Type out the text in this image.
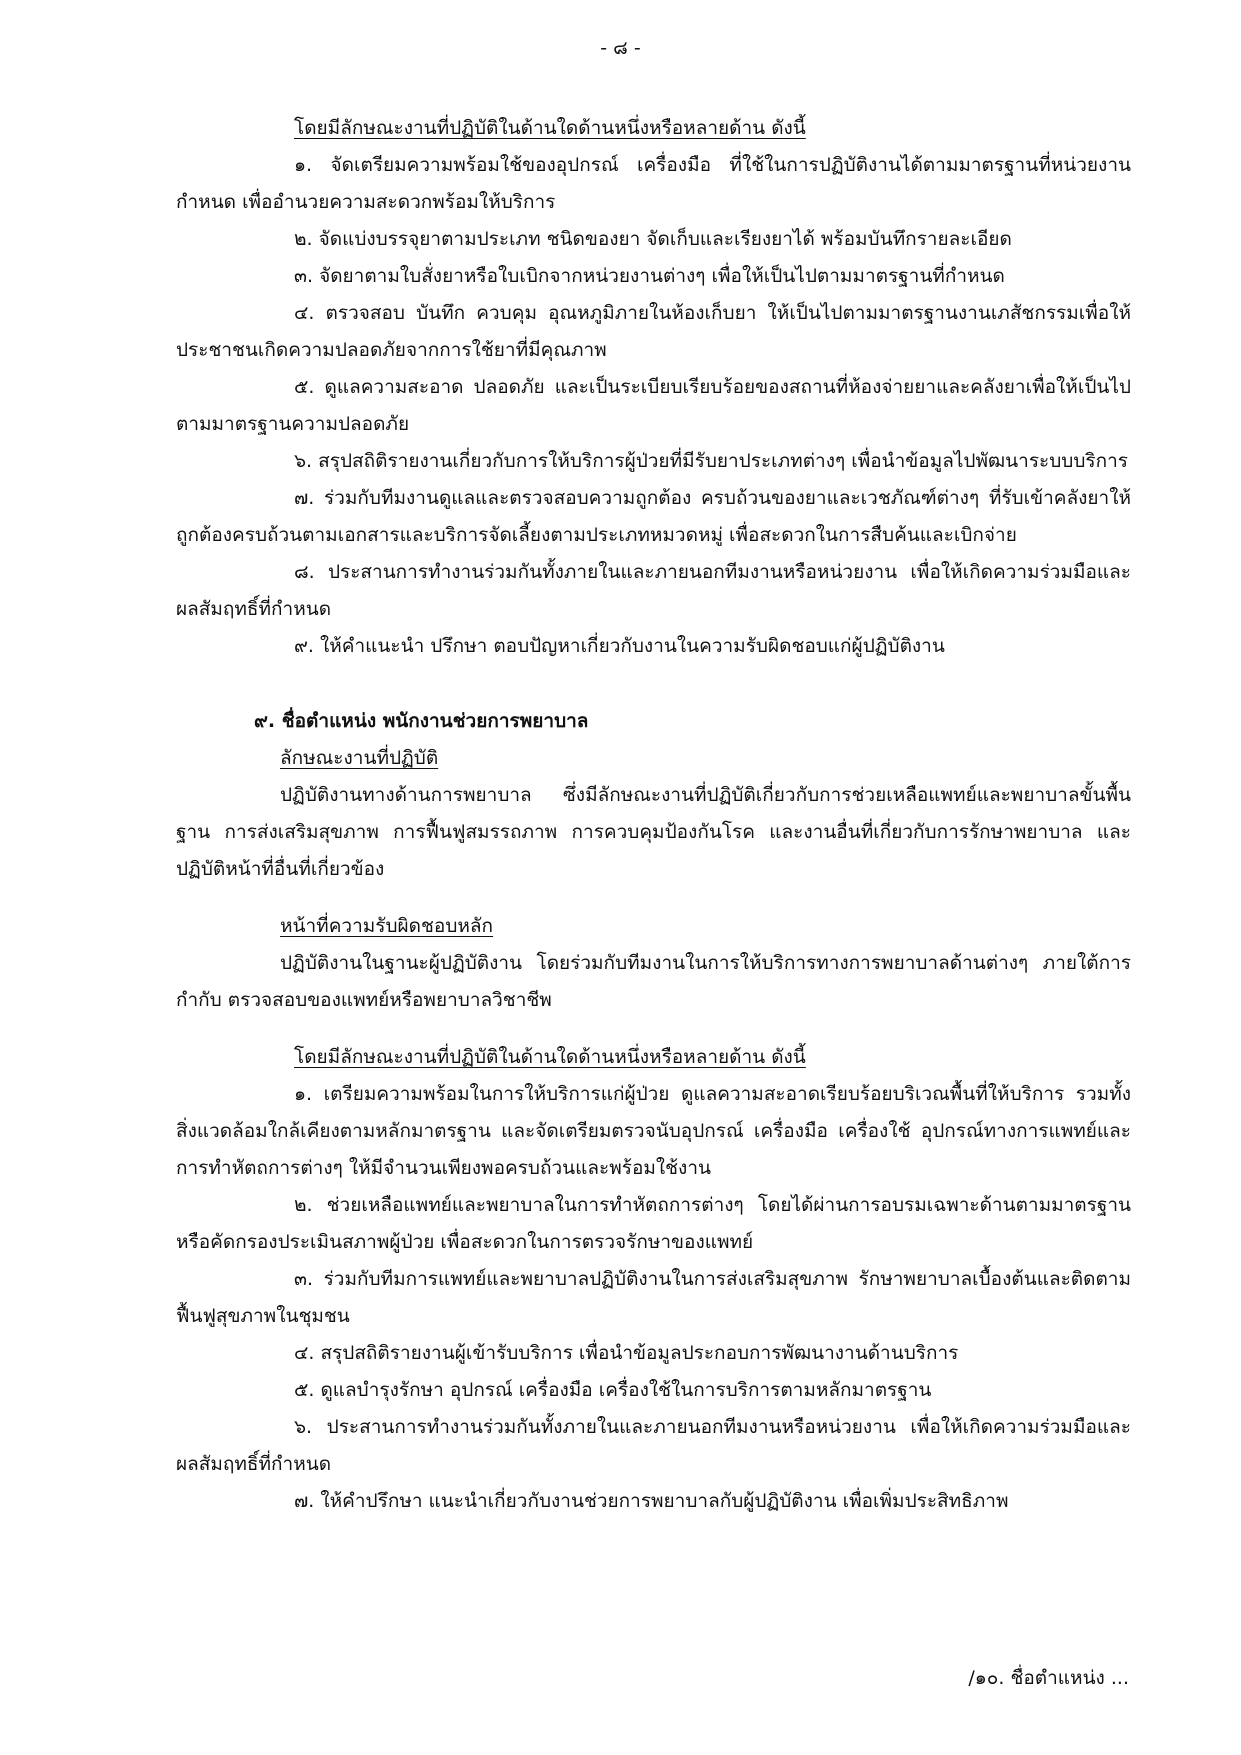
- ๘ -

โดยมีลักษณะงานที่ปฏิบัติในด้านใดด้านหนึ่งหรือหลายด้าน ดังนี้

๑. จัดเตรียมความพร้อมใช้ของอุปกรณ์ เครื่องมือ ที่ใช้ในการปฏิบัติงานได้ตามมาตรฐานที่หน่วยงานกำหนด เพื่ออำนวยความสะดวกพร้อมให้บริการ

๒. จัดแบ่งบรรจุยาตามประเภท ชนิดของยา จัดเก็บและเรียงยาได้ พร้อมบันทึกรายละเอียด

๓. จัดยาตามใบสั่งยาหรือใบเบิกจากหน่วยงานต่างๆ เพื่อให้เป็นไปตามมาตรฐานที่กำหนด

๔. ตรวจสอบ บันทึก ควบคุม อุณหภูมิภายในห้องเก็บยา ให้เป็นไปตามมาตรฐานงานเภสัชกรรมเพื่อให้ประชาชนเกิดความปลอดภัยจากการใช้ยาที่มีคุณภาพ

๕. ดูแลความสะอาด ปลอดภัย และเป็นระเบียบเรียบร้อยของสถานที่ห้องจ่ายยาและคลังยาเพื่อให้เป็นไปตามมาตรฐานความปลอดภัย

๖. สรุปสถิติรายงานเกี่ยวกับการให้บริการผู้ป่วยที่มีรับยาประเภทต่างๆ เพื่อนำข้อมูลไปพัฒนาระบบบริการ

๗. ร่วมกับทีมงานดูแลและตรวจสอบความถูกต้อง ครบถ้วนของยาและเวชภัณฑ์ต่างๆ ที่รับเข้าคลังยาให้ถูกต้องครบถ้วนตามเอกสารและบริการจัดเลี้ยงตามประเภทหมวดหมู่ เพื่อสะดวกในการสืบค้นและเบิกจ่าย

๘. ประสานการทำงานร่วมกันทั้งภายในและภายนอกทีมงานหรือหน่วยงาน เพื่อให้เกิดความร่วมมือและผลสัมฤทธิ์ที่กำหนด

๙. ให้คำแนะนำ ปรึกษา ตอบปัญหาเกี่ยวกับงานในความรับผิดชอบแก่ผู้ปฏิบัติงาน

๙. ชื่อตำแหน่ง พนักงานช่วยการพยาบาล

ลักษณะงานที่ปฏิบัติ

ปฏิบัติงานทางด้านการพยาบาล ซึ่งมีลักษณะงานที่ปฏิบัติเกี่ยวกับการช่วยเหลือแพทย์และพยาบาลขั้นพื้นฐาน การส่งเสริมสุขภาพ การฟื้นฟูสมรรถภาพ การควบคุมป้องกันโรค และงานอื่นที่เกี่ยวกับการรักษาพยาบาล และปฏิบัติหน้าที่อื่นที่เกี่ยวข้อง

หน้าที่ความรับผิดชอบหลัก

ปฏิบัติงานในฐานะผู้ปฏิบัติงาน โดยร่วมกับทีมงานในการให้บริการทางการพยาบาลด้านต่างๆ ภายใต้การกำกับ ตรวจสอบของแพทย์หรือพยาบาลวิชาชีพ

โดยมีลักษณะงานที่ปฏิบัติในด้านใดด้านหนึ่งหรือหลายด้าน ดังนี้

๑. เตรียมความพร้อมในการให้บริการแก่ผู้ป่วย ดูแลความสะอาดเรียบร้อยบริเวณพื้นที่ให้บริการ รวมทั้งสิ่งแวดล้อมใกล้เคียงตามหลักมาตรฐาน และจัดเตรียมตรวจนับอุปกรณ์ เครื่องมือ เครื่องใช้ อุปกรณ์ทางการแพทย์และการทำหัตถการต่างๆ ให้มีจำนวนเพียงพอครบถ้วนและพร้อมใช้งาน

๒. ช่วยเหลือแพทย์และพยาบาลในการทำหัตถการต่างๆ โดยได้ผ่านการอบรมเฉพาะด้านตามมาตรฐานหรือคัดกรองประเมินสภาพผู้ป่วย เพื่อสะดวกในการตรวจรักษาของแพทย์

๓. ร่วมกับทีมการแพทย์และพยาบาลปฏิบัติงานในการส่งเสริมสุขภาพ รักษาพยาบาลเบื้องต้นและติดตามฟื้นฟูสุขภาพในชุมชน

๔. สรุปสถิติรายงานผู้เข้ารับบริการ เพื่อนำข้อมูลประกอบการพัฒนางานด้านบริการ

๕. ดูแลบำรุงรักษา อุปกรณ์ เครื่องมือ เครื่องใช้ในการบริการตามหลักมาตรฐาน

๖. ประสานการทำงานร่วมกันทั้งภายในและภายนอกทีมงานหรือหน่วยงาน เพื่อให้เกิดความร่วมมือและผลสัมฤทธิ์ที่กำหนด

๗. ให้คำปรึกษา แนะนำเกี่ยวกับงานช่วยการพยาบาลกับผู้ปฏิบัติงาน เพื่อเพิ่มประสิทธิภาพ

/๑๐. ชื่อตำแหน่ง ...
